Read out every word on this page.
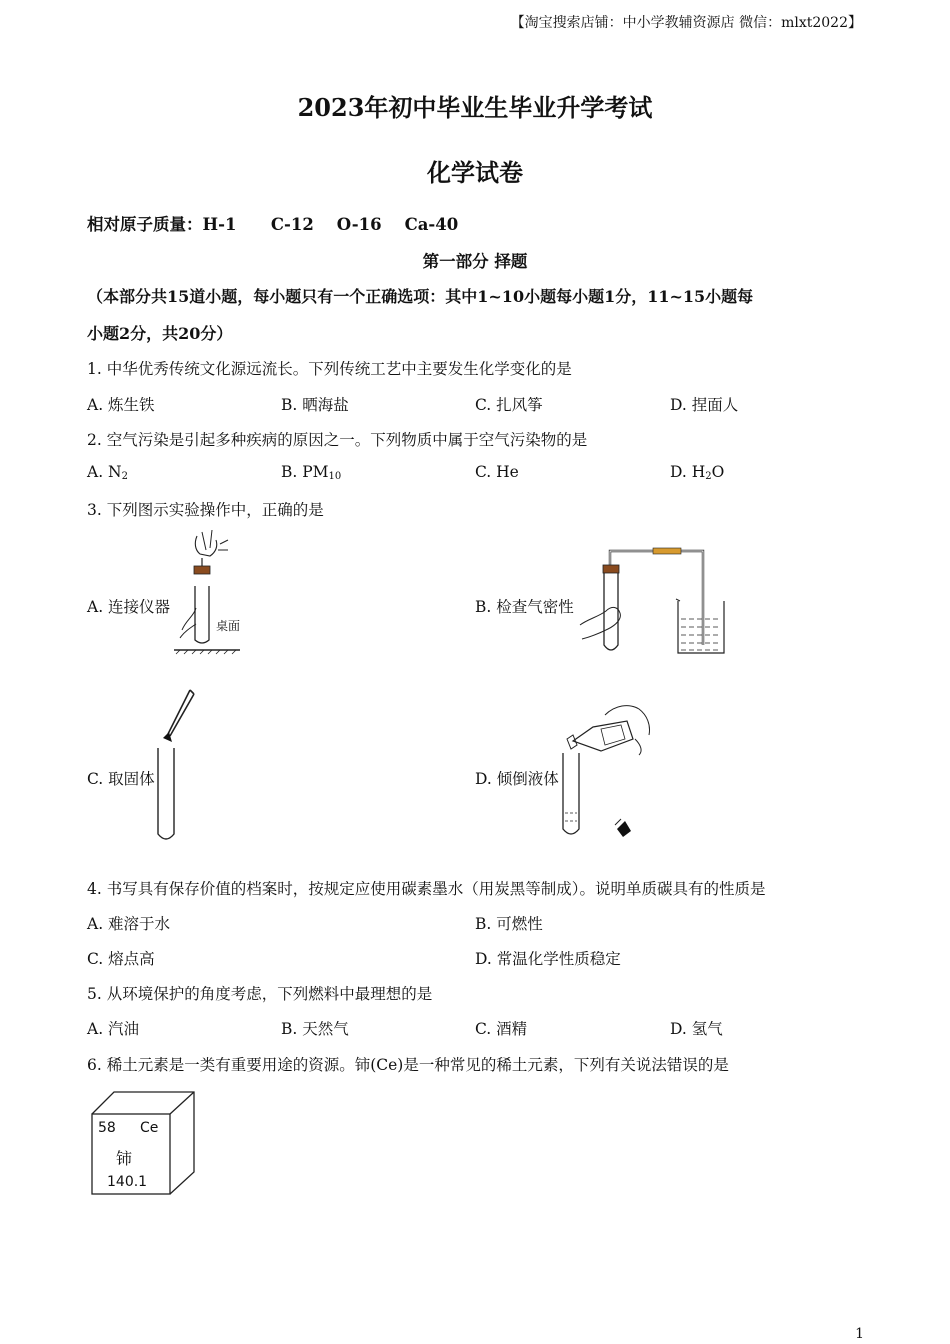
【淘宝搜索店铺：中小学教辅资源店 微信：mlxt2022】
2023年初中毕业生毕业升学考试
化学试卷
相对原子质量：H-1      C-12    O-16    Ca-40
第一部分 择题
（本部分共15道小题，每小题只有一个正确选项：其中1~10小题每小题1分，11~15小题每
小题2分，共20分）
1. 中华优秀传统文化源远流长。下列传统工艺中主要发生化学变化的是
A. 炼生铁	B. 晒海盐	C. 扎风筝	D. 捏面人
2. 空气污染是引起多种疾病的原因之一。下列物质中属于空气污染物的是
A. $N_2$	B. $PM_{10}$	C. He	D. $H_2O$
3. 下列图示实验操作中，正确的是
A. 连接仪器
桌面
B. 检查气密性
C. 取固体	D. 倾倒液体
4. 书写具有保存价值的档案时，按规定应使用碳素墨水（用炭黑等制成）。说明单质碳具有的性质是
A. 难溶于水	B. 可燃性
C. 熔点高	D. 常温化学性质稳定
5. 从环境保护的角度考虑，下列燃料中最理想的是
A. 汽油	B. 天然气	C. 酒精	D. 氢气
6. 稀土元素是一类有重要用途的资源。铈(Ce)是一种常见的稀土元素，下列有关说法错误的是
58 Ce
铈
140.1
1
